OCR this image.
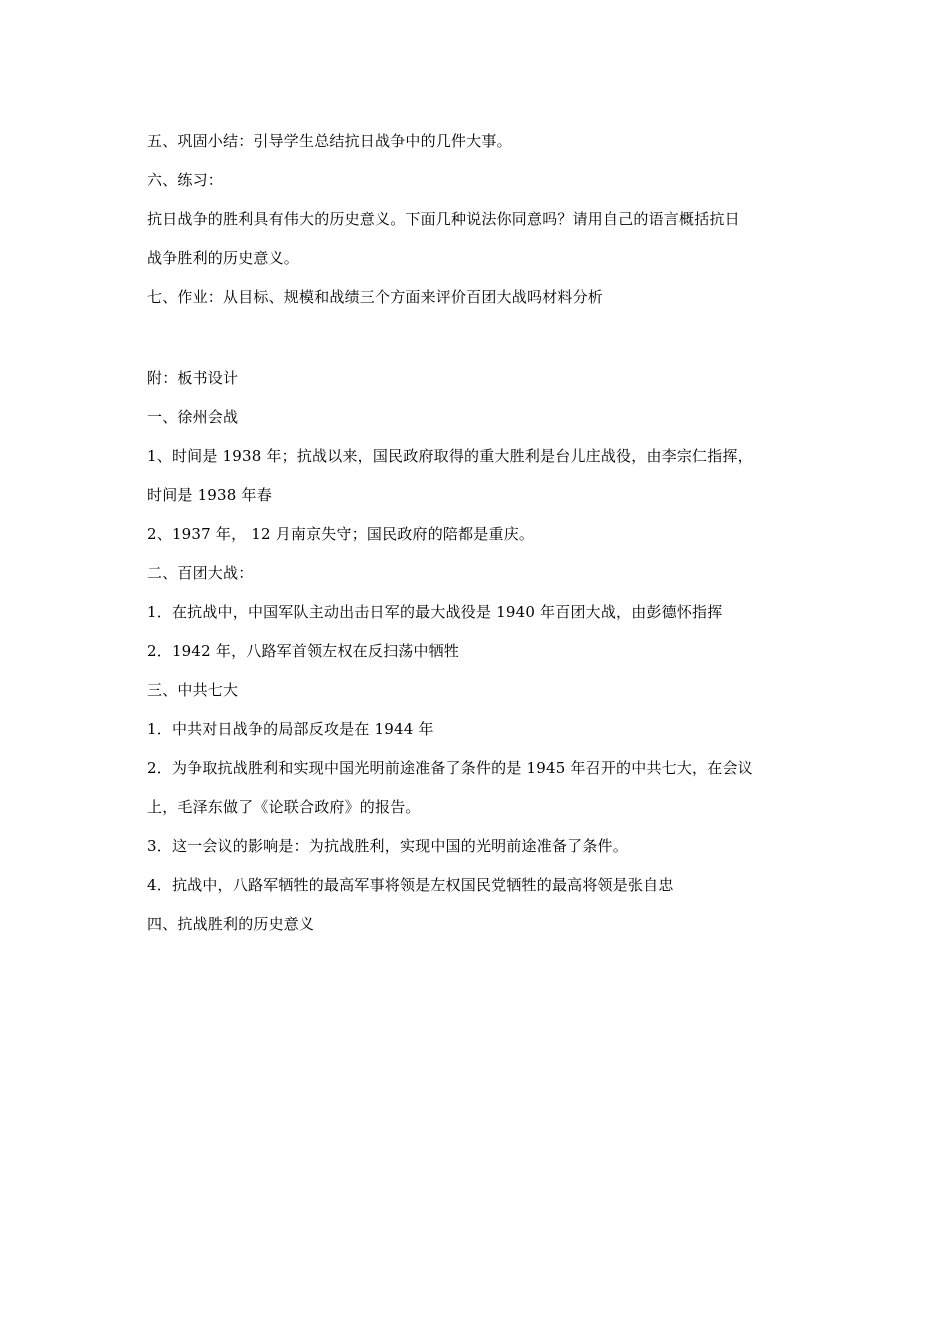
五、巩固小结：引导学生总结抗日战争中的几件大事。
六、练习：
抗日战争的胜利具有伟大的历史意义。下面几种说法你同意吗？请用自己的语言概括抗日
战争胜利的历史意义。
七、作业：从目标、规模和战绩三个方面来评价百团大战吗材料分析
附：板书设计
一、徐州会战
1、时间是 1938 年；抗战以来，国民政府取得的重大胜利是台儿庄战役，由李宗仁指挥，
时间是 1938 年春
2、1937 年， 12 月南京失守；国民政府的陪都是重庆。
二、百团大战：
1．在抗战中，中国军队主动出击日军的最大战役是 1940 年百团大战，由彭德怀指挥
2．1942 年，八路军首领左权在反扫荡中牺牲
三、中共七大
1．中共对日战争的局部反攻是在 1944 年
2．为争取抗战胜利和实现中国光明前途准备了条件的是 1945 年召开的中共七大，在会议
上，毛泽东做了《论联合政府》的报告。
3．这一会议的影响是：为抗战胜利，实现中国的光明前途准备了条件。
4．抗战中，八路军牺牲的最高军事将领是左权国民党牺牲的最高将领是张自忠
四、抗战胜利的历史意义
